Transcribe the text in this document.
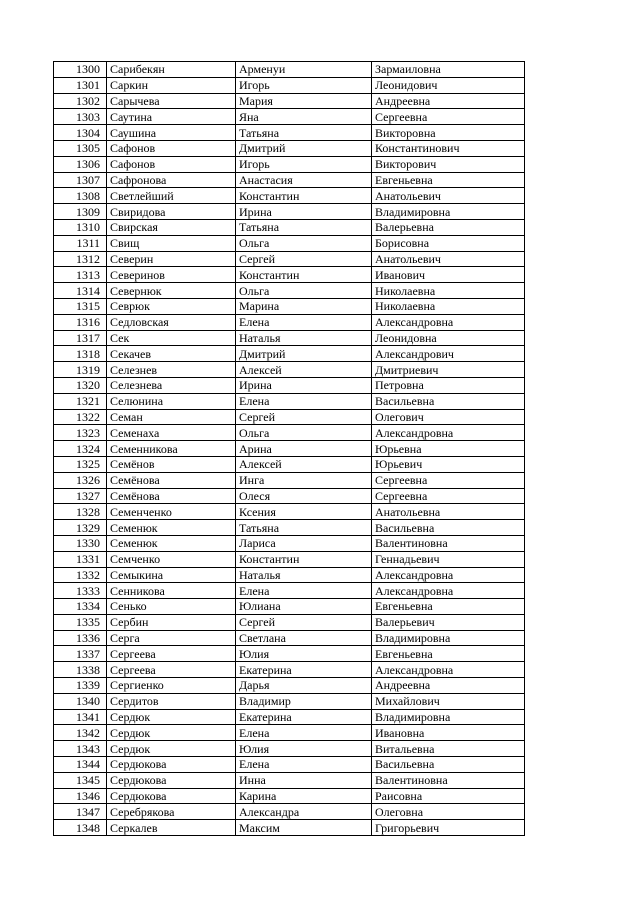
1300	Сарибекян	Арменуи	Зармаиловна
1301	Саркин	Игорь	Леонидович
1302	Сарычева	Мария	Андреевна
1303	Саутина	Яна	Сергеевна
1304	Саушина	Татьяна	Викторовна
1305	Сафонов	Дмитрий	Константинович
1306	Сафонов	Игорь	Викторович
1307	Сафронова	Анастасия	Евгеньевна
1308	Светлейший	Константин	Анатольевич
1309	Свиридова	Ирина	Владимировна
1310	Свирская	Татьяна	Валерьевна
1311	Свищ	Ольга	Борисовна
1312	Северин	Сергей	Анатольевич
1313	Северинов	Константин	Иванович
1314	Севернюк	Ольга	Николаевна
1315	Севрюк	Марина	Николаевна
1316	Седловская	Елена	Александровна
1317	Сек	Наталья	Леонидовна
1318	Секачев	Дмитрий	Александрович
1319	Селезнев	Алексей	Дмитриевич
1320	Селезнева	Ирина	Петровна
1321	Селюнина	Елена	Васильевна
1322	Семан	Сергей	Олегович
1323	Семенаха	Ольга	Александровна
1324	Семенникова	Арина	Юрьевна
1325	Семёнов	Алексей	Юрьевич
1326	Семёнова	Инга	Сергеевна
1327	Семёнова	Олеся	Сергеевна
1328	Семенченко	Ксения	Анатольевна
1329	Семенюк	Татьяна	Васильевна
1330	Семенюк	Лариса	Валентиновна
1331	Семченко	Константин	Геннадьевич
1332	Семыкина	Наталья	Александровна
1333	Сенникова	Елена	Александровна
1334	Сенько	Юлиана	Евгеньевна
1335	Сербин	Сергей	Валерьевич
1336	Серга	Светлана	Владимировна
1337	Сергеева	Юлия	Евгеньевна
1338	Сергеева	Екатерина	Александровна
1339	Сергиенко	Дарья	Андреевна
1340	Сердитов	Владимир	Михайлович
1341	Сердюк	Екатерина	Владимировна
1342	Сердюк	Елена	Ивановна
1343	Сердюк	Юлия	Витальевна
1344	Сердюкова	Елена	Васильевна
1345	Сердюкова	Инна	Валентиновна
1346	Сердюкова	Карина	Раисовна
1347	Серебрякова	Александра	Олеговна
1348	Серкалев	Максим	Григорьевич
